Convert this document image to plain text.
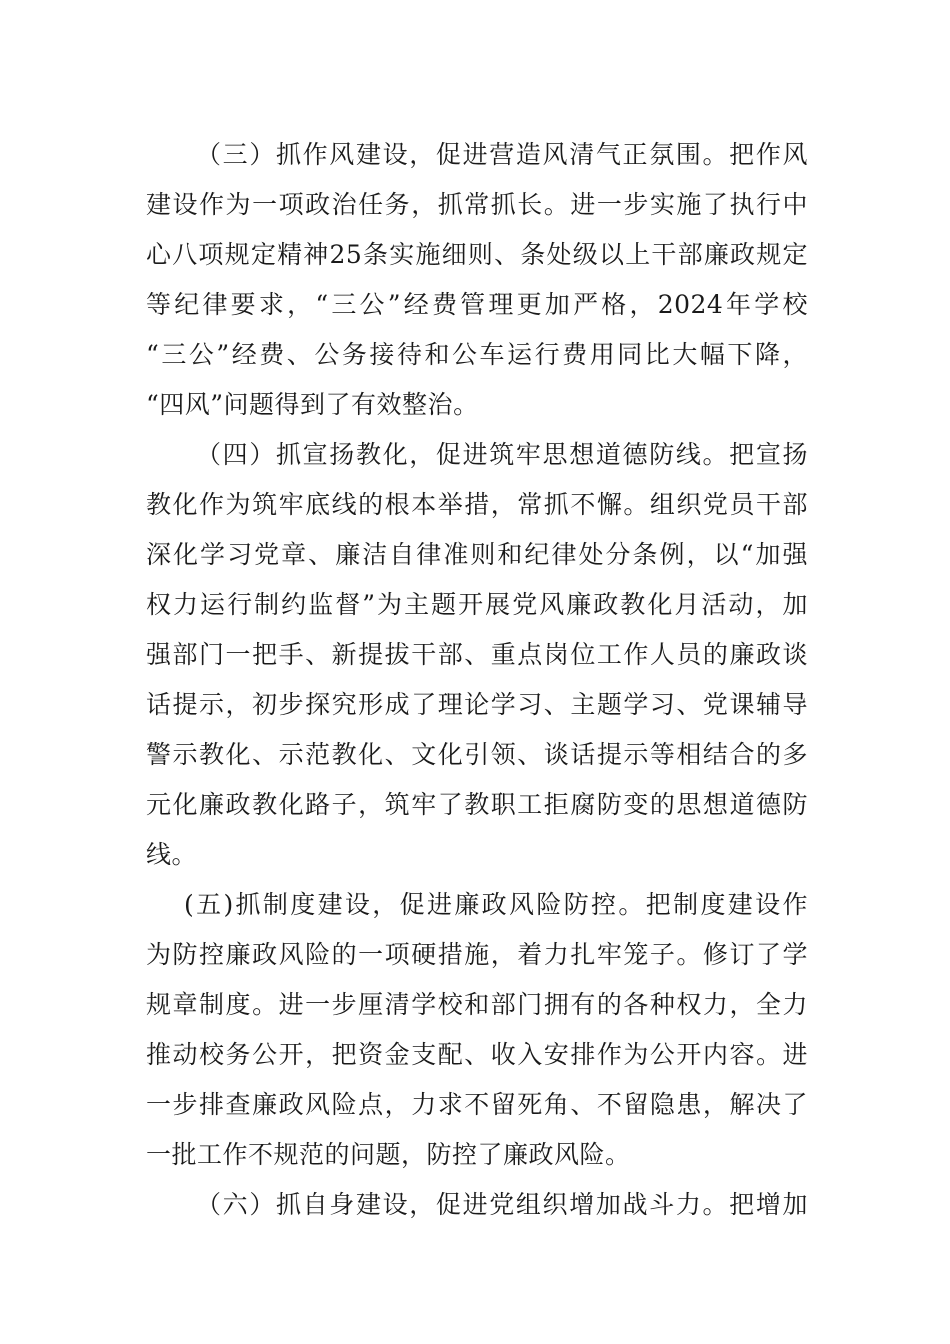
（三）抓作风建设，促进营造风清气正氛围。把作风
建设作为一项政治任务，抓常抓长。进一步实施了执行中
心八项规定精神25条实施细则、条处级以上干部廉政规定
等纪律要求，“三公”经费管理更加严格，2024年学校
“三公”经费、公务接待和公车运行费用同比大幅下降，
“四风”问题得到了有效整治。
（四）抓宣扬教化，促进筑牢思想道德防线。把宣扬
教化作为筑牢底线的根本举措，常抓不懈。组织党员干部
深化学习党章、廉洁自律准则和纪律处分条例，以“加强
权力运行制约监督”为主题开展党风廉政教化月活动，加
强部门一把手、新提拔干部、重点岗位工作人员的廉政谈
话提示，初步探究形成了理论学习、主题学习、党课辅导
警示教化、示范教化、文化引领、谈话提示等相结合的多
元化廉政教化路子，筑牢了教职工拒腐防变的思想道德防
线。
(五)抓制度建设，促进廉政风险防控。把制度建设作
为防控廉政风险的一项硬措施，着力扎牢笼子。修订了学
规章制度。进一步厘清学校和部门拥有的各种权力，全力
推动校务公开，把资金支配、收入安排作为公开内容。进
一步排查廉政风险点，力求不留死角、不留隐患，解决了
一批工作不规范的问题，防控了廉政风险。
（六）抓自身建设，促进党组织增加战斗力。把增加
